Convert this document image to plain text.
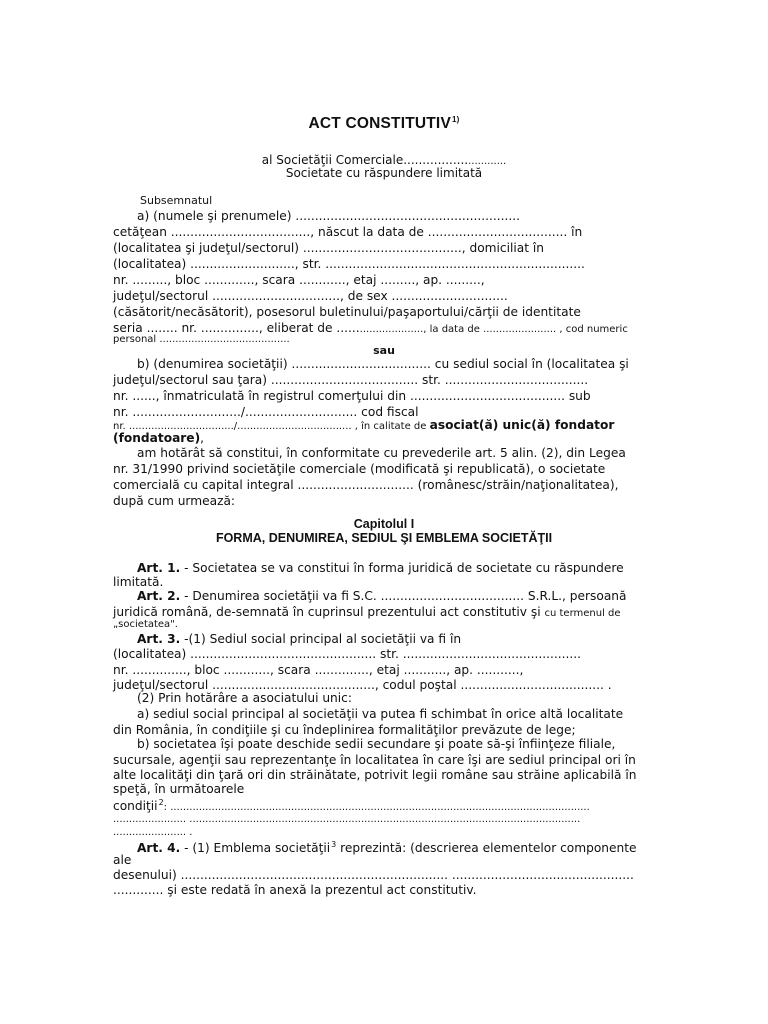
ACT CONSTITUTIV$^{1)}$
al Societăţii Comerciale.............................
Societate cu răspundere limitată
Subsemnatul
a) (numele şi prenumele) ..........................................................
cetăţean ...................................., născut la data de .................................... în
(localitatea şi judeţul/sectorul) ........................................., domiciliat în
(localitatea) ..........................., str. ...................................................................
nr. ........., bloc ............., scara ............, etaj ........., ap. .........,
judeţul/sectorul ................................., de sex ..............................
(căsătorit/necăsătorit), posesorul buletinului/paşaportului/cărţii de identitate
seria ........ nr. ..............., eliberat de .........................., la data de ....................... , cod numeric
personal .........................................
sau
b) (denumirea societăţii) .................................... cu sediul social în (localitatea şi
judeţul/sectorul sau ţara) ...................................... str. .....................................
nr. ......, înmatriculată în registrul comerţului din ........................................ sub
nr. ............................/............................. cod fiscal
nr. ................................./.................................... , în calitate de asociat(ă) unic(ă) fondator
(fondatoare),
am hotărât să constitui, în conformitate cu prevederile art. 5 alin. (2), din Legea
nr. 31/1990 privind societăţile comerciale (modificată şi republicată), o societate
comercială cu capital integral .............................. (românesc/străin/naţionalitatea),
după cum urmează:
Capitolul I
FORMA, DENUMIREA, SEDIUL ŞI EMBLEMA SOCIETĂŢII
Art. 1. - Societatea se va constitui în forma juridică de societate cu răspundere
limitată.
Art. 2. - Denumirea societăţii va fi S.C. ..................................... S.R.L., persoană
juridică română, de-semnată în cuprinsul prezentului act constitutiv şi cu termenul de
„societatea".
Art. 3. -(1) Sediul social principal al societăţii va fi în
(localitatea) ................................................ str. ..............................................
nr. .............., bloc ............, scara .............., etaj ..........., ap. ...........,
judeţul/sectorul .........................................., codul poştal ..................................... .
(2) Prin hotărâre a asociatului unic:
a) sediul social principal al societăţii va putea fi schimbat în orice altă localitate
din România, în condiţiile şi cu îndeplinirea formalităţilor prevăzute de lege;
b) societatea îşi poate deschide sedii secundare şi poate să-şi înfiinţeze filiale,
sucursale, agenţii sau reprezentanţe în localitatea în care îşi are sediul principal ori în
alte localităţi din ţară ori din străinătate, potrivit legii române sau străine aplicabilă în
speţă, în următoarele
condiţii$^2$: ....................................................................................................................................
....................... ...........................................................................................................................
....................... .
Art. 4. - (1) Emblema societăţii$^3$ reprezintă: (descrierea elementelor componente
ale
desenului) ..................................................................... ...............................................
............. şi este redată în anexă la prezentul act constitutiv.
